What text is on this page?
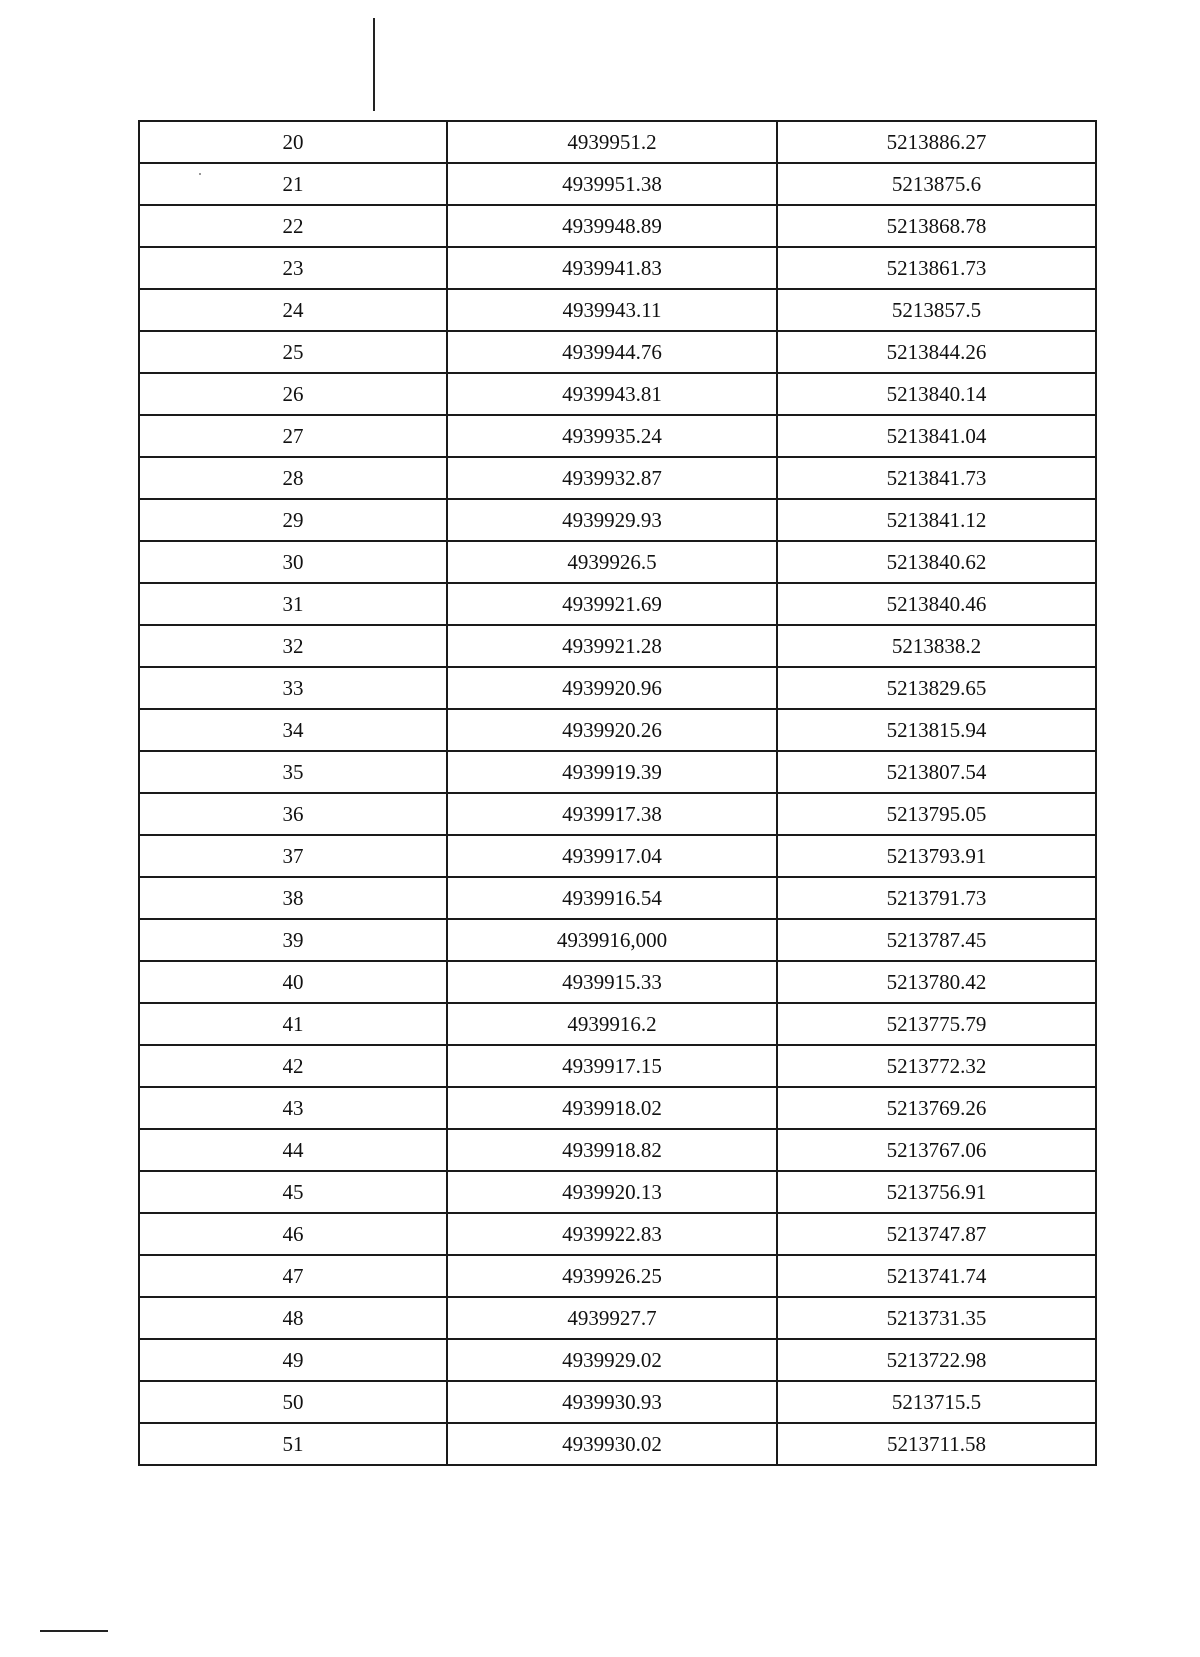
20	4939951.2	5213886.27
21	4939951.38	5213875.6
22	4939948.89	5213868.78
23	4939941.83	5213861.73
24	4939943.11	5213857.5
25	4939944.76	5213844.26
26	4939943.81	5213840.14
27	4939935.24	5213841.04
28	4939932.87	5213841.73
29	4939929.93	5213841.12
30	4939926.5	5213840.62
31	4939921.69	5213840.46
32	4939921.28	5213838.2
33	4939920.96	5213829.65
34	4939920.26	5213815.94
35	4939919.39	5213807.54
36	4939917.38	5213795.05
37	4939917.04	5213793.91
38	4939916.54	5213791.73
39	4939916,000	5213787.45
40	4939915.33	5213780.42
41	4939916.2	5213775.79
42	4939917.15	5213772.32
43	4939918.02	5213769.26
44	4939918.82	5213767.06
45	4939920.13	5213756.91
46	4939922.83	5213747.87
47	4939926.25	5213741.74
48	4939927.7	5213731.35
49	4939929.02	5213722.98
50	4939930.93	5213715.5
51	4939930.02	5213711.58
